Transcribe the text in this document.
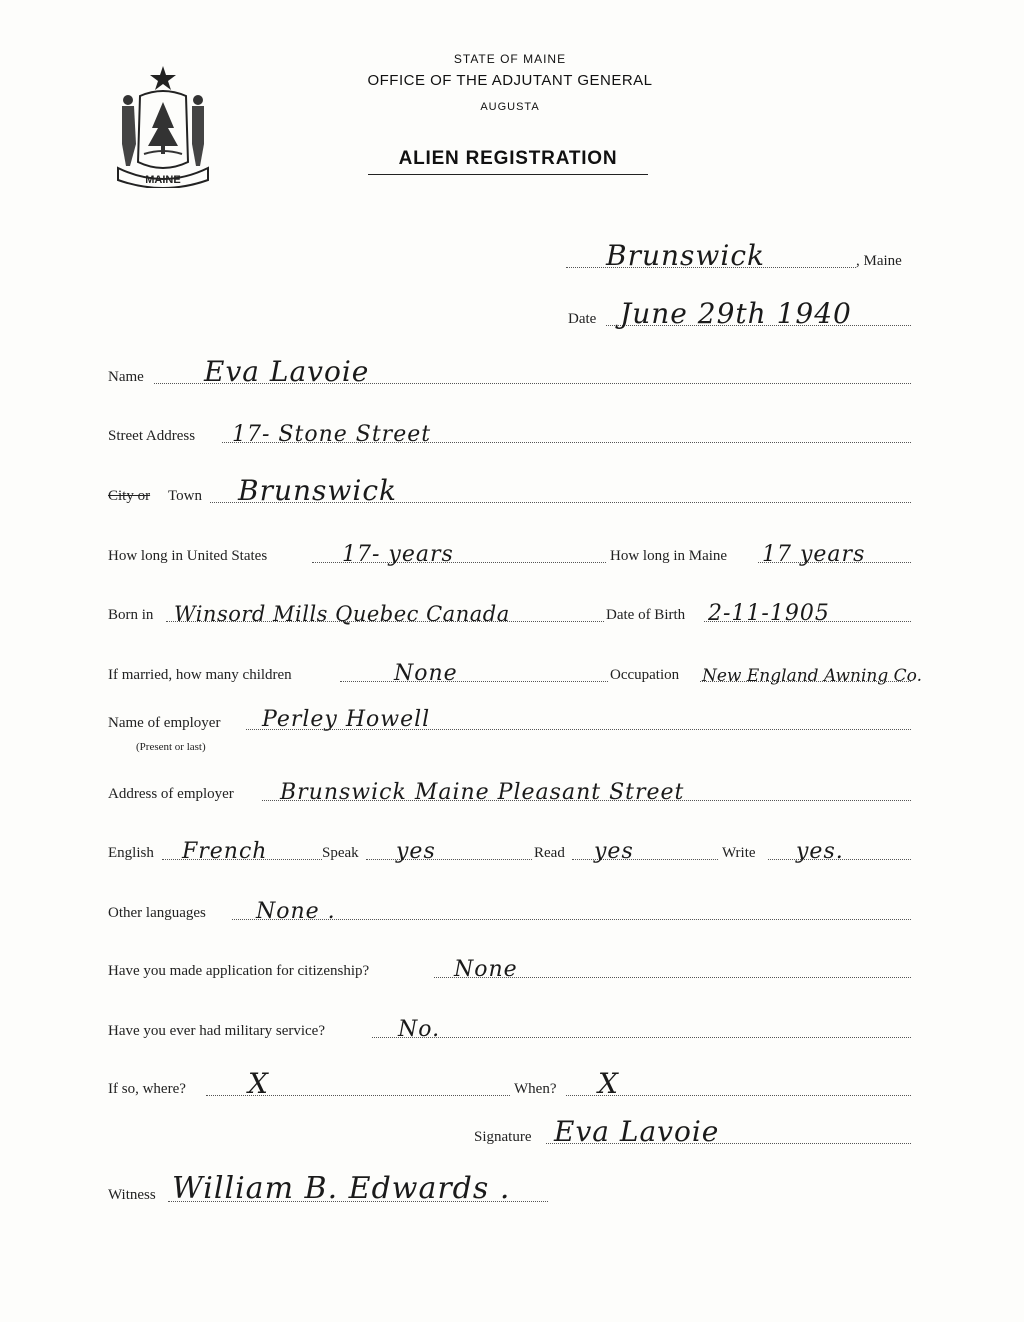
MAINE
STATE OF MAINE
OFFICE OF THE ADJUTANT GENERAL
AUGUSTA
ALIEN REGISTRATION
Brunswick	, Maine
Date June 29th 1940
Name Eva Lavoie
Street Address 17- Stone Street
City or Town Brunswick
How long in United States	17- years	How long in Maine 17 years
Born in Winsord Mills Quebec Canada	Date of Birth 2-11-1905
If married, how many children	None	Occupation New England Awning Co.
Name of employer
(Present or last)
Perley Howell
Address of employer Brunswick Maine Pleasant Street
English French	Speak yes	Read yes	Write yes.
Other languages None .
Have you made application for citizenship?	None
Have you ever had military service?	No.
If so, where? X	When? X
Signature Eva Lavoie
Witness William B. Edwards .
